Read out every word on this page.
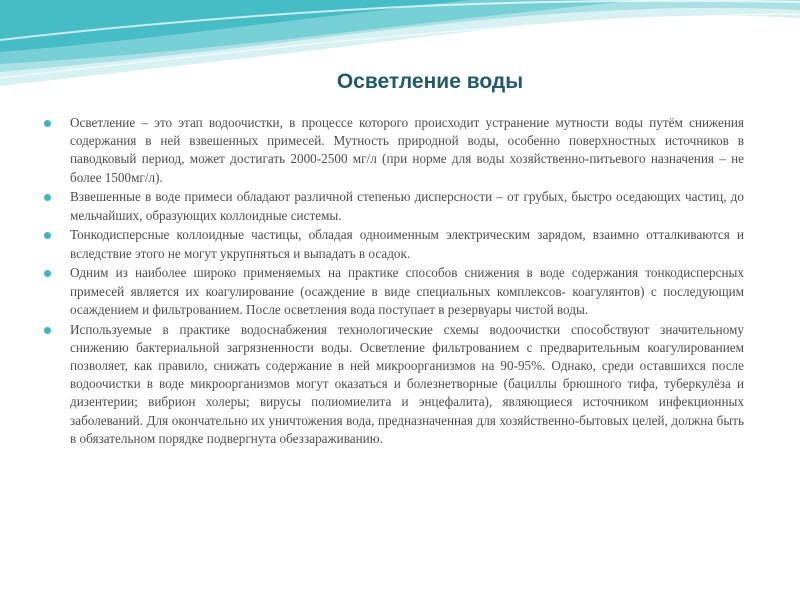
Осветление воды
Осветление – это этап водоочистки, в процессе которого происходит устранение мутности воды путём снижения содержания в ней взвешенных примесей. Мутность природной воды, особенно поверхностных источников в паводковый период, может достигать 2000-2500 мг/л (при норме для воды хозяйственно-питьевого назначения – не более 1500мг/л).
Взвешенные в воде примеси обладают различной степенью дисперсности – от грубых, быстро оседающих частиц, до мельчайших, образующих коллоидные системы.
Тонкодисперсные коллоидные частицы, обладая одноименным электрическим зарядом, взаимно отталкиваются и вследствие этого не могут укрупняться и выпадать в осадок.
Одним из наиболее широко применяемых на практике способов снижения в воде содержания тонкодисперсных примесей является их коагулирование (осаждение в виде специальных комплексов- коагулянтов) с последующим осаждением и фильтрованием. После осветления вода поступает в резервуары чистой воды.
Используемые в практике водоснабжения технологические схемы водоочистки способствуют значительному снижению бактериальной загрязненности воды. Осветление фильтрованием с предварительным коагулированием позволяет, как правило, снижать содержание в ней микроорганизмов на 90-95%. Однако, среди оставшихся после водоочистки в воде микроорганизмов могут оказаться и болезнетворные (бациллы брюшного тифа, туберкулёза и дизентерии; вибрион холеры; вирусы полиомиелита и энцефалита), являющиеся источником инфекционных заболеваний. Для окончательно их уничтожения вода, предназначенная для хозяйственно-бытовых целей, должна быть в обязательном порядке подвергнута обеззараживанию.
